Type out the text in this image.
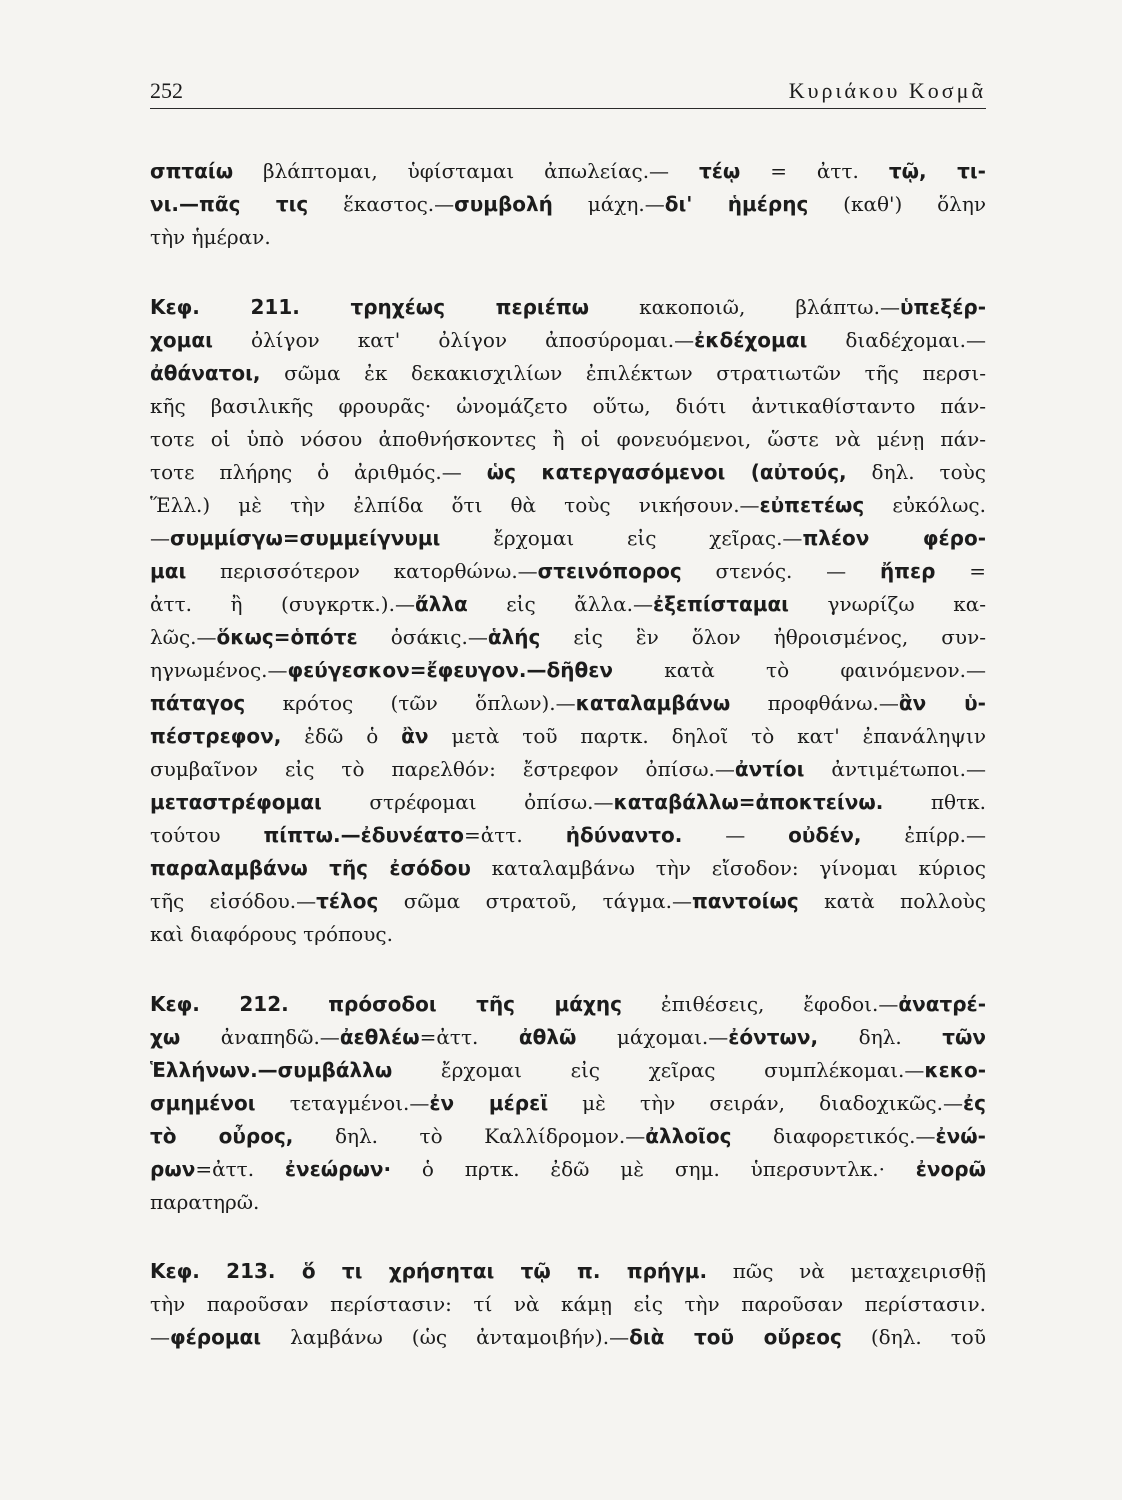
252	Κυριάκου Κοσμᾶ
σπταίω βλάπτομαι, ὑφίσταμαι ἀπωλείας.— τέῳ = ἀττ. τῷ, τι-
νι.—πᾶς τις ἕκαστος.—συμβολή μάχη.—δι' ἡμέρης (καθ') ὅλην
τὴν ἡμέραν.
Κεφ. 211. τρηχέως περιέπω κακοποιῶ, βλάπτω.—ὑπεξέρ-
χομαι ὀλίγον κατ' ὀλίγον ἀποσύρομαι.—ἐκδέχομαι διαδέχομαι.—
ἀθάνατοι, σῶμα ἐκ δεκακισχιλίων ἐπιλέκτων στρατιωτῶν τῆς περσι-
κῆς βασιλικῆς φρουρᾶς· ὠνομάζετο οὕτω, διότι ἀντικαθίσταντο πάν-
τοτε οἱ ὑπὸ νόσου ἀποθνήσκοντες ἢ οἱ φονευόμενοι, ὥστε νὰ μένῃ πάν-
τοτε πλήρης ὁ ἀριθμός.— ὡς κατεργασόμενοι (αὐτούς, δηλ. τοὺς
Ἕλλ.) μὲ τὴν ἐλπίδα ὅτι θὰ τοὺς νικήσουν.—εὐπετέως εὐκόλως.
—συμμίσγω=συμμείγνυμι ἔρχομαι εἰς χεῖρας.—πλέον φέρο-
μαι περισσότερον κατορθώνω.—στεινόπορος στενός. — ἤπερ =
ἀττ. ἢ (συγκρτκ.).—ἄλλα εἰς ἄλλα.—ἐξεπίσταμαι γνωρίζω κα-
λῶς.—ὅκως=ὁπότε ὁσάκις.—ἁλής εἰς ἓν ὅλον ἠθροισμένος, συν-
ηγνωμένος.—φεύγεσκον=ἔφευγον.—δῆθεν κατὰ τὸ φαινόμενον.—
πάταγος κρότος (τῶν ὅπλων).—καταλαμβάνω προφθάνω.—ἂν ὑ-
πέστρεφον, ἐδῶ ὁ ἂν μετὰ τοῦ παρτκ. δηλοῖ τὸ κατ' ἐπανάληψιν
συμβαῖνον εἰς τὸ παρελθόν: ἔστρεφον ὀπίσω.—ἀντίοι ἀντιμέτωποι.—
μεταστρέφομαι στρέφομαι ὀπίσω.—καταβάλλω=ἀποκτείνω. πθτκ.
τούτου πίπτω.—ἐδυνέατο=ἀττ. ἠδύναντο. — οὐδέν, ἐπίρρ.—
παραλαμβάνω τῆς ἐσόδου καταλαμβάνω τὴν εἴσοδον: γίνομαι κύριος
τῆς εἰσόδου.—τέλος σῶμα στρατοῦ, τάγμα.—παντοίως κατὰ πολλοὺς
καὶ διαφόρους τρόπους.
Κεφ. 212. πρόσοδοι τῆς μάχης ἐπιθέσεις, ἔφοδοι.—ἀνατρέ-
χω ἀναπηδῶ.—ἀεθλέω=ἀττ. ἀθλῶ μάχομαι.—ἐόντων, δηλ. τῶν
Ἑλλήνων.—συμβάλλω ἔρχομαι εἰς χεῖρας συμπλέκομαι.—κεκο-
σμημένοι τεταγμένοι.—ἐν μέρεϊ μὲ τὴν σειράν, διαδοχικῶς.—ἐς
τὸ οὖρος, δηλ. τὸ Καλλίδρομον.—ἀλλοῖος διαφορετικός.—ἐνώ-
ρων=ἀττ. ἐνεώρων· ὁ πρτκ. ἐδῶ μὲ σημ. ὑπερσυντλκ.· ἐνορῶ
παρατηρῶ.
Κεφ. 213. ὅ τι χρήσηται τῷ π. πρήγμ. πῶς νὰ μεταχειρισθῇ
τὴν παροῦσαν περίστασιν: τί νὰ κάμῃ εἰς τὴν παροῦσαν περίστασιν.
—φέρομαι λαμβάνω (ὡς ἀνταμοιβήν).—διὰ τοῦ οὔρεος (δηλ. τοῦ
